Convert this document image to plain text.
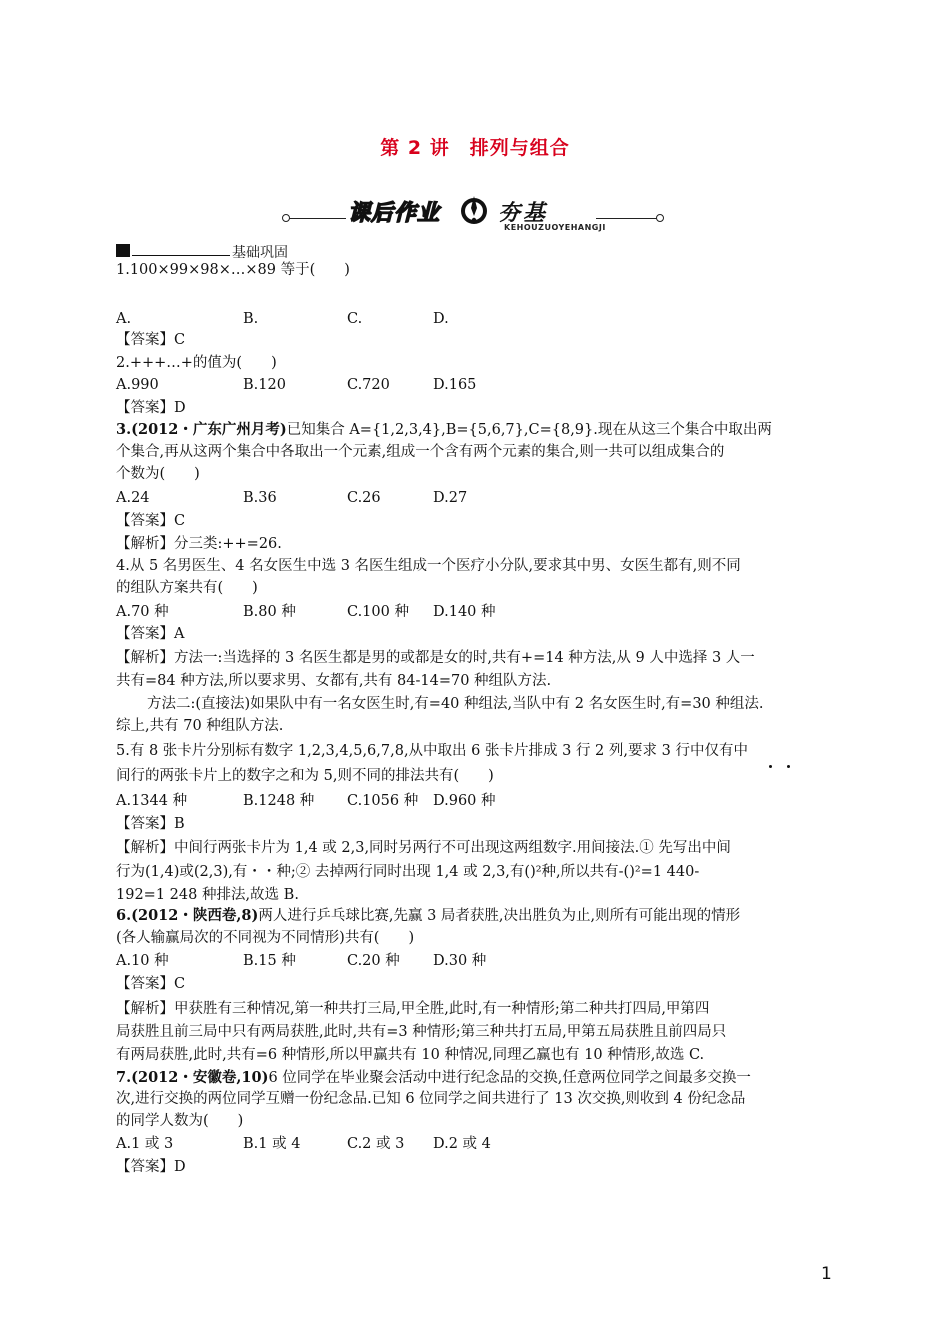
第 2 讲　排列与组合
课后作业	夯基
KEHOUZUOYEHANGJI
基础巩固
1.100×99×98×…×89 等于(　　)
A.	B.	C.	D.
【答案】C
2.+++…+的值为(　　)
A.990	B.120	C.720	D.165
【答案】D
3.(2012・广东广州月考)已知集合 A={1,2,3,4},B={5,6,7},C={8,9}.现在从这三个集合中取出两
个集合,再从这两个集合中各取出一个元素,组成一个含有两个元素的集合,则一共可以组成集合的
个数为(　　)
A.24	B.36	C.26	D.27
【答案】C
【解析】分三类:++=26.
4.从 5 名男医生、4 名女医生中选 3 名医生组成一个医疗小分队,要求其中男、女医生都有,则不同
的组队方案共有(　　)
A.70 种	B.80 种	C.100 种 D.140 种
【答案】A
【解析】方法一:当选择的 3 名医生都是男的或都是女的时,共有+=14 种方法,从 9 人中选择 3 人一
共有=84 种方法,所以要求男、女都有,共有 84-14=70 种组队方法.
方法二:(直接法)如果队中有一名女医生时,有=40 种组法,当队中有 2 名女医生时,有=30 种组法.
综上,共有 70 种组队方法.
5.有 8 张卡片分别标有数字 1,2,3,4,5,6,7,8,从中取出 6 张卡片排成 3 行 2 列,要求 3 行中仅有中
间行的两张卡片上的数字之和为 5,则不同的排法共有(　　)
A.1344 种	B.1248 种 C.1056 种 D.960 种
【答案】B
【解析】中间行两张卡片为 1,4 或 2,3,同时另两行不可出现这两组数字.用间接法.① 先写出中间
行为(1,4)或(2,3),有・・种;② 去掉两行同时出现 1,4 或 2,3,有()²种,所以共有-()²=1 440-
192=1 248 种排法,故选 B.
6.(2012・陕西卷,8)两人进行乒乓球比赛,先赢 3 局者获胜,决出胜负为止,则所有可能出现的情形
(各人输赢局次的不同视为不同情形)共有(　　)
A.10 种	B.15 种	C.20 种 D.30 种
【答案】C
【解析】甲获胜有三种情况,第一种共打三局,甲全胜,此时,有一种情形;第二种共打四局,甲第四
局获胜且前三局中只有两局获胜,此时,共有=3 种情形;第三种共打五局,甲第五局获胜且前四局只
有两局获胜,此时,共有=6 种情形,所以甲赢共有 10 种情况,同理乙赢也有 10 种情形,故选 C.
7.(2012・安徽卷,10)6 位同学在毕业聚会活动中进行纪念品的交换,任意两位同学之间最多交换一
次,进行交换的两位同学互赠一份纪念品.已知 6 位同学之间共进行了 13 次交换,则收到 4 份纪念品
的同学人数为(　　)
A.1 或 3	B.1 或 4	C.2 或 3 D.2 或 4
【答案】D
1
